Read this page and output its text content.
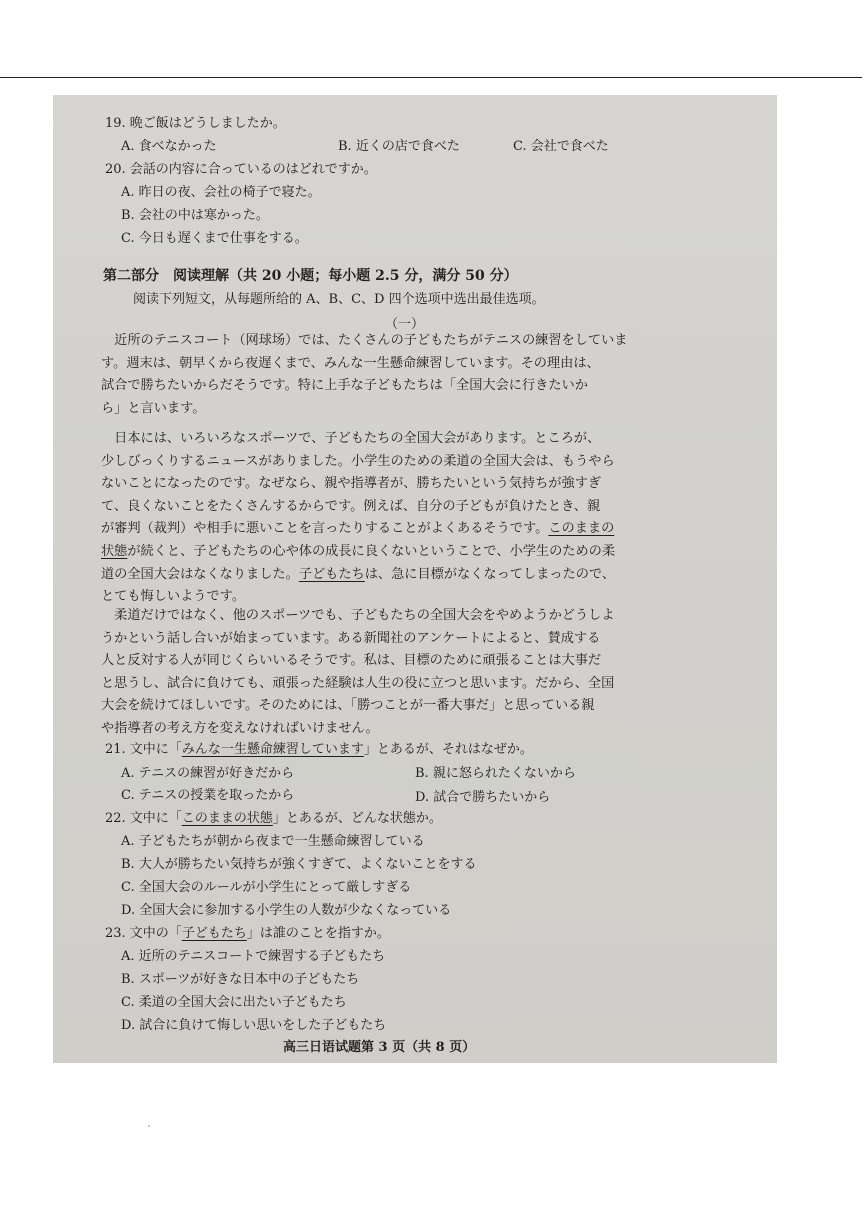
19. 晩ご飯はどうしましたか。
A. 食べなかった	B. 近くの店で食べた	C. 会社で食べた
20. 会話の内容に合っているのはどれですか。
A. 昨日の夜、会社の椅子で寝た。
B. 会社の中は寒かった。
C. 今日も遅くまで仕事をする。
第二部分　阅读理解（共 20 小题；每小题 2.5 分，满分 50 分）
阅读下列短文，从每题所给的 A、B、C、D 四个选项中选出最佳选项。
（一）
　近所のテニスコート（网球场）では、たくさんの子どもたちがテニスの練習をしていま
す。週末は、朝早くから夜遅くまで、みんな一生懸命練習しています。その理由は、
試合で勝ちたいからだそうです。特に上手な子どもたちは「全国大会に行きたいか
ら」と言います。
　日本には、いろいろなスポーツで、子どもたちの全国大会があります。ところが、
少しびっくりするニュースがありました。小学生のための柔道の全国大会は、もうやら
ないことになったのです。なぜなら、親や指導者が、勝ちたいという気持ちが強すぎ
て、良くないことをたくさんするからです。例えば、自分の子どもが負けたとき、親
が審判（裁判）や相手に悪いことを言ったりすることがよくあるそうです。このままの
状態が続くと、子どもたちの心や体の成長に良くないということで、小学生のための柔
道の全国大会はなくなりました。子どもたちは、急に目標がなくなってしまったので、
とても悔しいようです。
　柔道だけではなく、他のスポーツでも、子どもたちの全国大会をやめようかどうしよ
うかという話し合いが始まっています。ある新聞社のアンケートによると、賛成する
人と反対する人が同じくらいいるそうです。私は、目標のために頑張ることは大事だ
と思うし、試合に負けても、頑張った経験は人生の役に立つと思います。だから、全国
大会を続けてほしいです。そのためには、「勝つことが一番大事だ」と思っている親
や指導者の考え方を変えなければいけません。
21. 文中に「みんな一生懸命練習しています」とあるが、それはなぜか。
A. テニスの練習が好きだから	B. 親に怒られたくないから
C. テニスの授業を取ったから	D. 試合で勝ちたいから
22. 文中に「このままの状態」とあるが、どんな状態か。
A. 子どもたちが朝から夜まで一生懸命練習している
B. 大人が勝ちたい気持ちが強くすぎて、よくないことをする
C. 全国大会のルールが小学生にとって厳しすぎる
D. 全国大会に参加する小学生の人数が少なくなっている
23. 文中の「子どもたち」は誰のことを指すか。
A. 近所のテニスコートで練習する子どもたち
B. スポーツが好きな日本中の子どもたち
C. 柔道の全国大会に出たい子どもたち
D. 試合に負けて悔しい思いをした子どもたち
高三日语试题第 3 页（共 8 页）
